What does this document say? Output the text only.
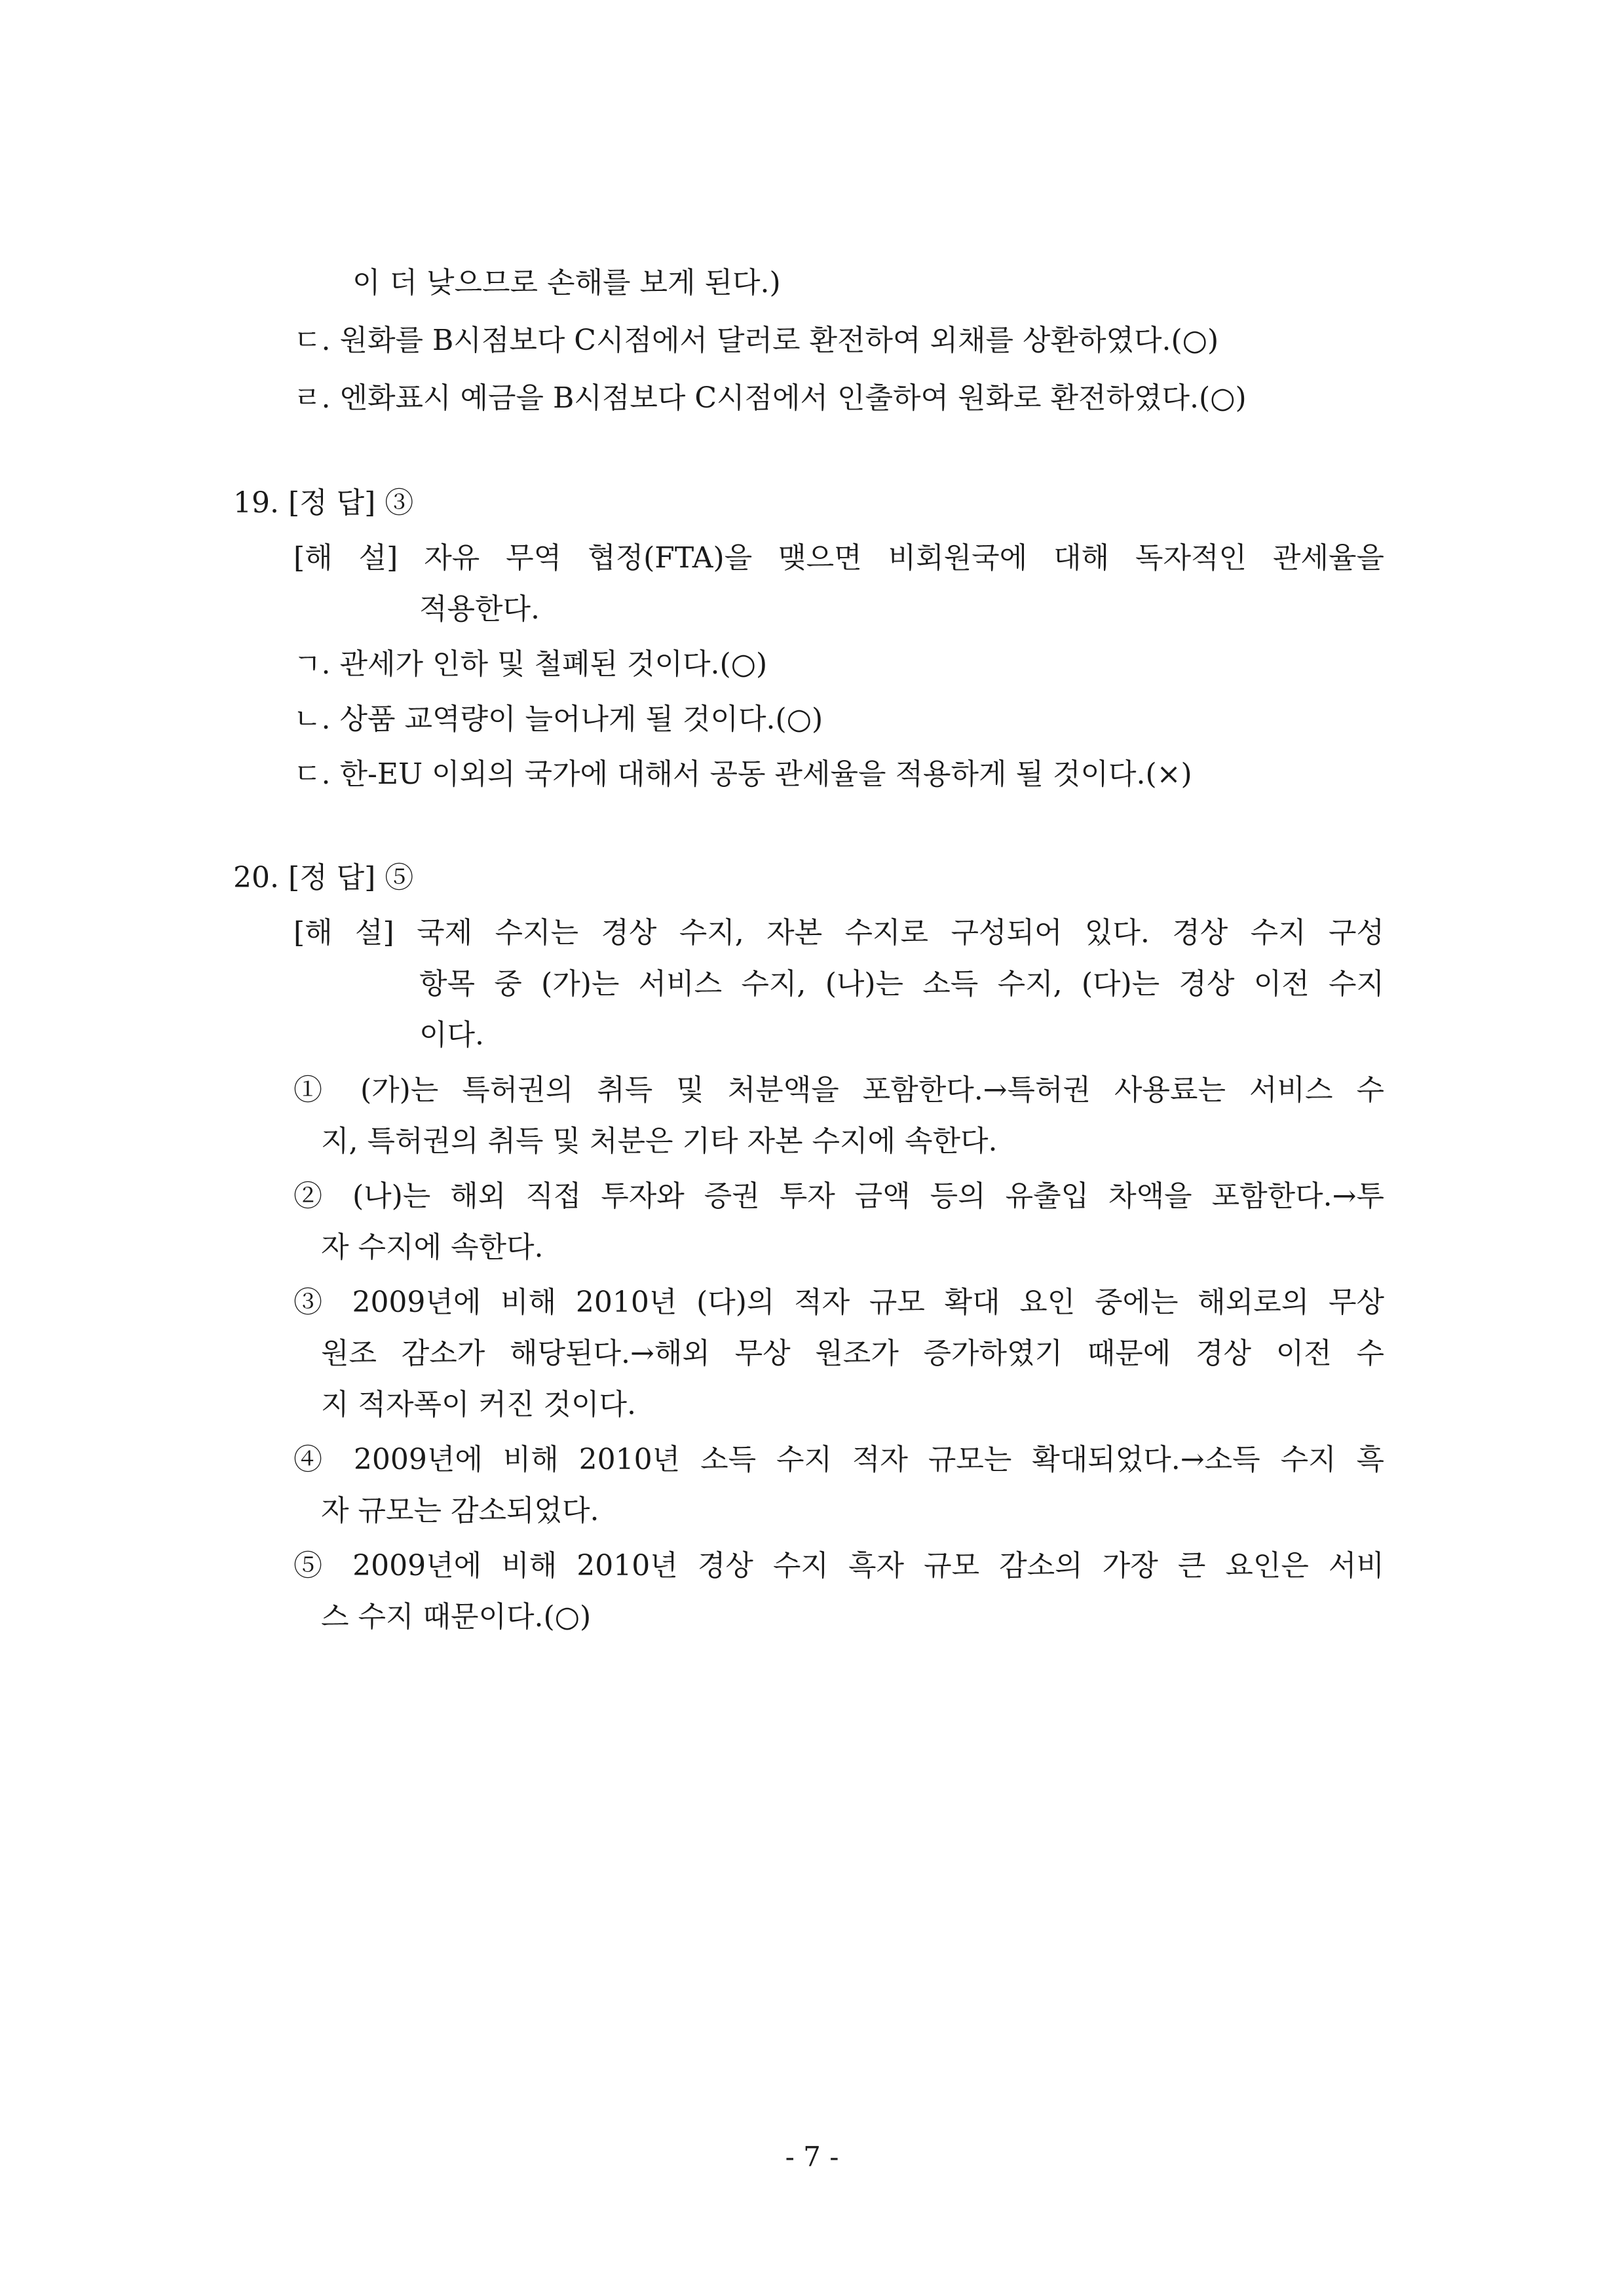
이 더 낮으므로 손해를 보게 된다.)
ㄷ. 원화를 B시점보다 C시점에서 달러로 환전하여 외채를 상환하였다.(○)
ㄹ. 엔화표시 예금을 B시점보다 C시점에서 인출하여 원화로 환전하였다.(○)
19. [정 답] ③
[해 설] 자유 무역 협정(FTA)을 맺으면 비회원국에 대해 독자적인 관세율을
적용한다.
ㄱ. 관세가 인하 및 철폐된 것이다.(○)
ㄴ. 상품 교역량이 늘어나게 될 것이다.(○)
ㄷ. 한-EU 이외의 국가에 대해서 공동 관세율을 적용하게 될 것이다.(×)
20. [정 답] ⑤
[해 설] 국제 수지는 경상 수지, 자본 수지로 구성되어 있다. 경상 수지 구성
항목 중 (가)는 서비스 수지, (나)는 소득 수지, (다)는 경상 이전 수지
이다.
① (가)는 특허권의 취득 및 처분액을 포함한다.→특허권 사용료는 서비스 수
지, 특허권의 취득 및 처분은 기타 자본 수지에 속한다.
② (나)는 해외 직접 투자와 증권 투자 금액 등의 유출입 차액을 포함한다.→투
자 수지에 속한다.
③ 2009년에 비해 2010년 (다)의 적자 규모 확대 요인 중에는 해외로의 무상
원조 감소가 해당된다.→해외 무상 원조가 증가하였기 때문에 경상 이전 수
지 적자폭이 커진 것이다.
④ 2009년에 비해 2010년 소득 수지 적자 규모는 확대되었다.→소득 수지 흑
자 규모는 감소되었다.
⑤ 2009년에 비해 2010년 경상 수지 흑자 규모 감소의 가장 큰 요인은 서비
스 수지 때문이다.(○)
- 7 -
